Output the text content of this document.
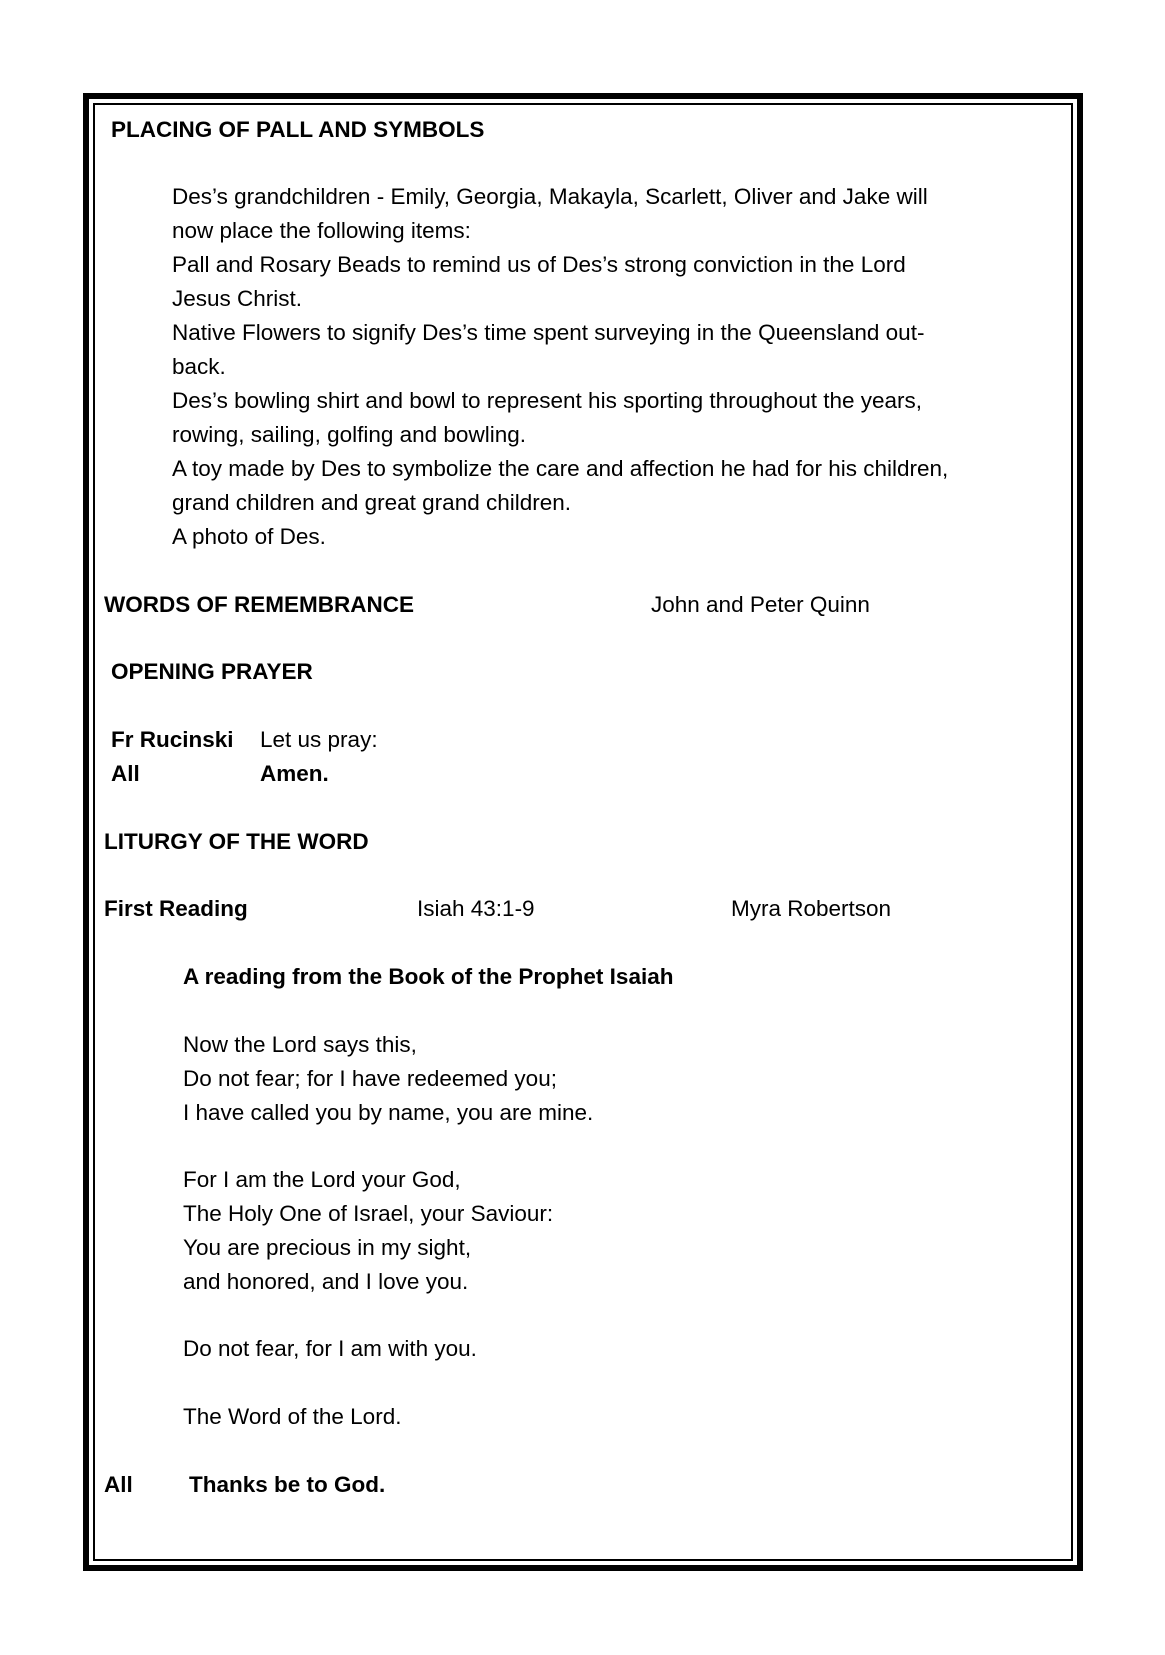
PLACING OF PALL AND SYMBOLS
Des’s grandchildren - Emily, Georgia, Makayla, Scarlett, Oliver and Jake will
now place the following items:
Pall and Rosary Beads to remind us of Des’s strong conviction in the Lord
Jesus Christ.
Native Flowers to signify Des’s time spent surveying in the Queensland out-
back.
Des’s bowling shirt and bowl to represent his sporting throughout the years,
rowing, sailing, golfing and bowling.
A toy made by Des to symbolize the care and affection he had for his children,
grand children and great grand children.
A photo of Des.
WORDS OF REMEMBRANCE	John and Peter Quinn
OPENING PRAYER
Fr Rucinski Let us pray:
All	Amen.
LITURGY OF THE WORD
First Reading	Isiah 43:1-9	Myra Robertson
A reading from the Book of the Prophet Isaiah
Now the Lord says this,
Do not fear; for I have redeemed you;
I have called you by name, you are mine.
For I am the Lord your God,
The Holy One of Israel, your Saviour:
You are precious in my sight,
and honored, and I love you.
Do not fear, for I am with you.
The Word of the Lord.
All Thanks be to God.
